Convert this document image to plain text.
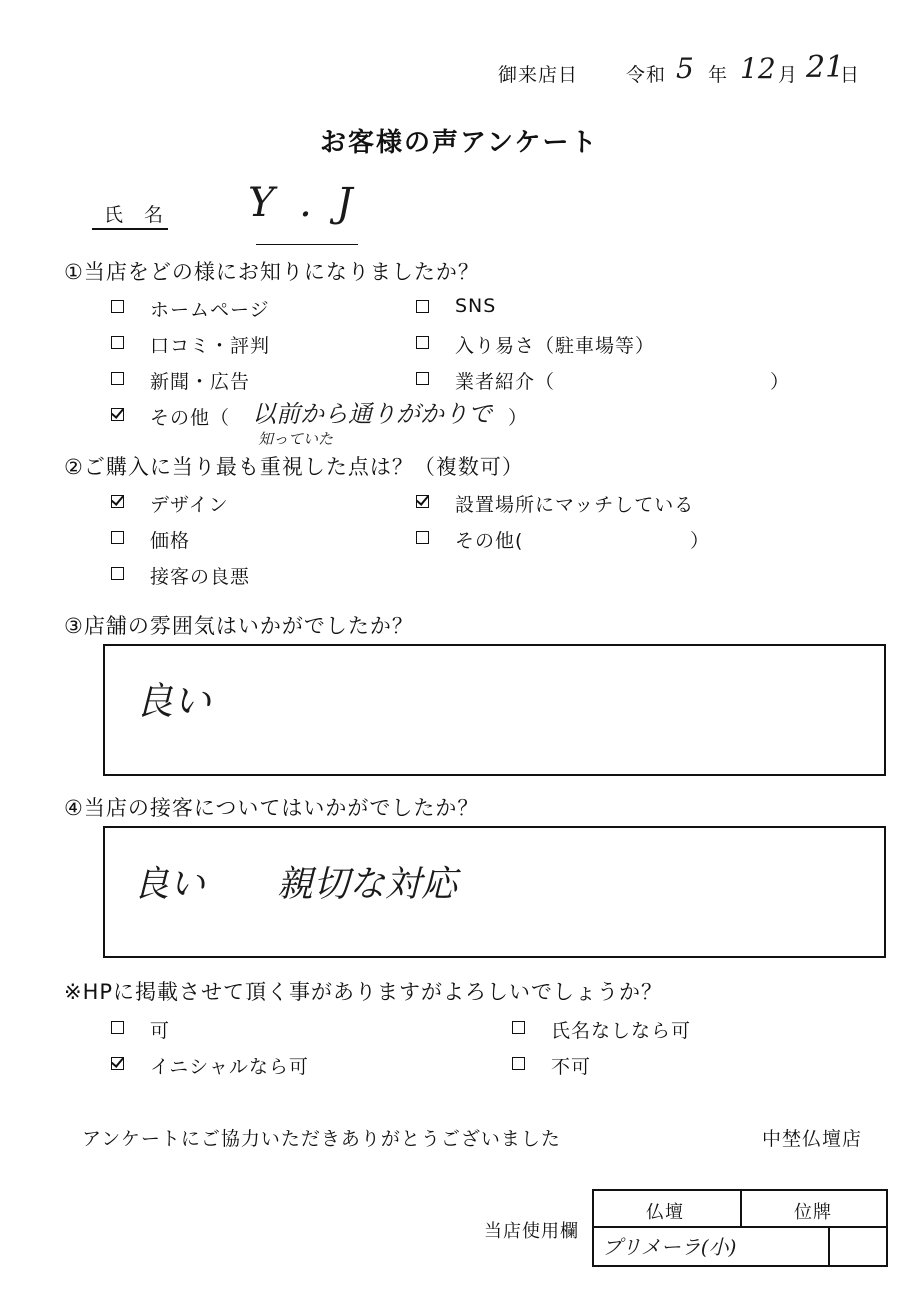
御来店日	令和 5 年 12 月 21
日
お客様の声アンケート
氏　名 Y . J
①当店をどの様にお知りになりましたか？
ホームページ	SNS
口コミ・評判	入り易さ（駐車場等）
新聞・広告	業者紹介（	）
その他（ 以前から通りがかりで ）
知っていた
②ご購入に当り最も重視した点は？（複数可）
デザイン	設置場所にマッチしている
価格	その他(	）
接客の良悪
③店舗の雰囲気はいかがでしたか？
良い
④当店の接客についてはいかがでしたか？
良い　　親切な対応
※HPに掲載させて頂く事がありますがよろしいでしょうか？
可	氏名なしなら可
イニシャルなら可	不可
アンケートにご協力いただきありがとうございました	中埜仏壇店
当店使用欄
仏壇	位牌
プリメーラ(小)
